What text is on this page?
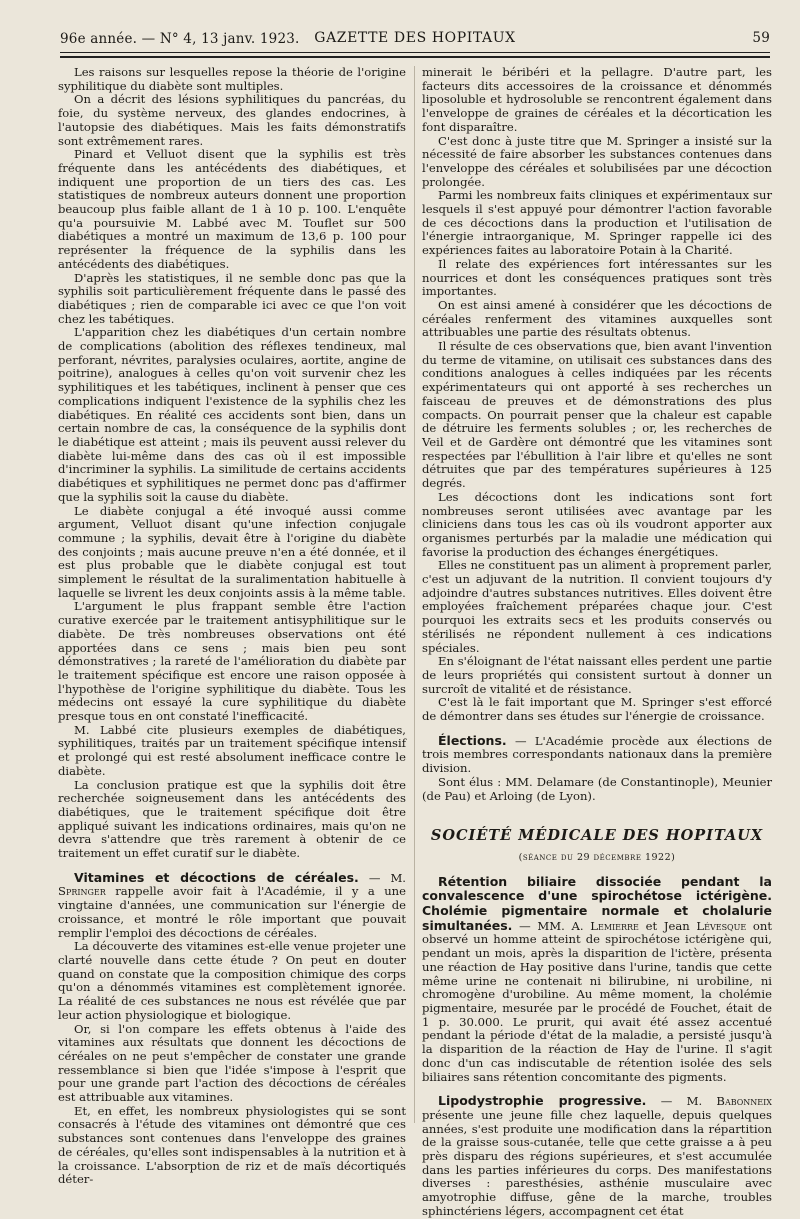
96e année. — N° 4, 13 janv. 1923.	GAZETTE DES HOPITAUX	59

Les raisons sur lesquelles repose la théorie de l'origine syphilitique du diabète sont multiples.

On a décrit des lésions syphilitiques du pancréas, du foie, du système nerveux, des glandes endocrines, à l'autopsie des diabétiques. Mais les faits démonstratifs sont extrêmement rares.

Pinard et Velluot disent que la syphilis est très fréquente dans les antécédents des diabétiques, et indiquent une proportion de un tiers des cas. Les statistiques de nombreux auteurs donnent une proportion beaucoup plus faible allant de 1 à 10 p. 100. L'enquête qu'a poursuivie M. Labbé avec M. Touflet sur 500 diabétiques a montré un maximum de 13,6 p. 100 pour représenter la fréquence de la syphilis dans les antécédents des diabétiques.

D'après les statistiques, il ne semble donc pas que la syphilis soit particulièrement fréquente dans le passé des diabétiques ; rien de comparable ici avec ce que l'on voit chez les tabétiques.

L'apparition chez les diabétiques d'un certain nombre de complications (abolition des réflexes tendineux, mal perforant, névrites, paralysies oculaires, aortite, angine de poitrine), analogues à celles qu'on voit survenir chez les syphilitiques et les tabétiques, inclinent à penser que ces complications indiquent l'existence de la syphilis chez les diabétiques. En réalité ces accidents sont bien, dans un certain nombre de cas, la conséquence de la syphilis dont le diabétique est atteint ; mais ils peuvent aussi relever du diabète lui-même dans des cas où il est impossible d'incriminer la syphilis. La similitude de certains accidents diabétiques et syphilitiques ne permet donc pas d'affirmer que la syphilis soit la cause du diabète.

Le diabète conjugal a été invoqué aussi comme argument, Velluot disant qu'une infection conjugale commune ; la syphilis, devait être à l'origine du diabète des conjoints ; mais aucune preuve n'en a été donnée, et il est plus probable que le diabète conjugal est tout simplement le résultat de la suralimentation habituelle à laquelle se livrent les deux conjoints assis à la même table.

L'argument le plus frappant semble être l'action curative exercée par le traitement antisyphilitique sur le diabète. De très nombreuses observations ont été apportées dans ce sens ; mais bien peu sont démonstratives ; la rareté de l'amélioration du diabète par le traitement spécifique est encore une raison opposée à l'hypothèse de l'origine syphilitique du diabète. Tous les médecins ont essayé la cure syphilitique du diabète presque tous en ont constaté l'inefficacité.

M. Labbé cite plusieurs exemples de diabétiques, syphilitiques, traités par un traitement spécifique intensif et prolongé qui est resté absolument inefficace contre le diabète.

La conclusion pratique est que la syphilis doit être recherchée soigneusement dans les antécédents des diabétiques, que le traitement spécifique doit être appliqué suivant les indications ordinaires, mais qu'on ne devra s'attendre que très rarement à obtenir de ce traitement un effet curatif sur le diabète.

Vitamines et décoctions de céréales. — M. Springer rappelle avoir fait à l'Académie, il y a une vingtaine d'années, une communication sur l'énergie de croissance, et montré le rôle important que pouvait remplir l'emploi des décoctions de céréales.

La découverte des vitamines est-elle venue projeter une clarté nouvelle dans cette étude ? On peut en douter quand on constate que la composition chimique des corps qu'on a dénommés vitamines est complètement ignorée. La réalité de ces substances ne nous est révélée que par leur action physiologique et biologique.

Or, si l'on compare les effets obtenus à l'aide des vitamines aux résultats que donnent les décoctions de céréales on ne peut s'empêcher de constater une grande ressemblance si bien que l'idée s'impose à l'esprit que pour une grande part l'action des décoctions de céréales est attribuable aux vitamines.

Et, en effet, les nombreux physiologistes qui se sont consacrés à l'étude des vitamines ont démontré que ces substances sont contenues dans l'enveloppe des graines de céréales, qu'elles sont indispensables à la nutrition et à la croissance. L'absorption de riz et de maïs décortiqués déter-

minerait le béribéri et la pellagre. D'autre part, les facteurs dits accessoires de la croissance et dénommés liposoluble et hydrosoluble se rencontrent également dans l'enveloppe de graines de céréales et la décortication les font disparaître.

C'est donc à juste titre que M. Springer a insisté sur la nécessité de faire absorber les substances contenues dans l'enveloppe des céréales et solubilisées par une décoction prolongée.

Parmi les nombreux faits cliniques et expérimentaux sur lesquels il s'est appuyé pour démontrer l'action favorable de ces décoctions dans la production et l'utilisation de l'énergie intraorganique, M. Springer rappelle ici des expériences faites au laboratoire Potain à la Charité.

Il relate des expériences fort intéressantes sur les nourrices et dont les conséquences pratiques sont très importantes.

On est ainsi amené à considérer que les décoctions de céréales renferment des vitamines auxquelles sont attribuables une partie des résultats obtenus.

Il résulte de ces observations que, bien avant l'invention du terme de vitamine, on utilisait ces substances dans des conditions analogues à celles indiquées par les récents expérimentateurs qui ont apporté à ses recherches un faisceau de preuves et de démonstrations des plus compacts. On pourrait penser que la chaleur est capable de détruire les ferments solubles ; or, les recherches de Veil et de Gardère ont démontré que les vitamines sont respectées par l'ébullition à l'air libre et qu'elles ne sont détruites que par des températures supérieures à 125 degrés.

Les décoctions dont les indications sont fort nombreuses seront utilisées avec avantage par les cliniciens dans tous les cas où ils voudront apporter aux organismes perturbés par la maladie une médication qui favorise la production des échanges énergétiques.

Elles ne constituent pas un aliment à proprement parler, c'est un adjuvant de la nutrition. Il convient toujours d'y adjoindre d'autres substances nutritives. Elles doivent être employées fraîchement préparées chaque jour. C'est pourquoi les extraits secs et les produits conservés ou stérilisés ne répondent nullement à ces indications spéciales.

En s'éloignant de l'état naissant elles perdent une partie de leurs propriétés qui consistent surtout à donner un surcroît de vitalité et de résistance.

C'est là le fait important que M. Springer s'est efforcé de démontrer dans ses études sur l'énergie de croissance.

Élections. — L'Académie procède aux élections de trois membres correspondants nationaux dans la première division.

Sont élus : MM. Delamare (de Constantinople), Meunier (de Pau) et Arloing (de Lyon).

SOCIÉTÉ MÉDICALE DES HOPITAUX
(séance du 29 décembre 1922)

Rétention biliaire dissociée pendant la convalescence d'une spirochétose ictérigène. Cholémie pigmentaire normale et cholalurie simultanées. — MM. A. Lemierre et Jean Lévesque ont observé un homme atteint de spirochétose ictérigène qui, pendant un mois, après la disparition de l'ictère, présenta une réaction de Hay positive dans l'urine, tandis que cette même urine ne contenait ni bilirubine, ni urobiline, ni chromogène d'urobiline. Au même moment, la cholémie pigmentaire, mesurée par le procédé de Fouchet, était de 1 p. 30.000. Le prurit, qui avait été assez accentué pendant la période d'état de la maladie, a persisté jusqu'à la disparition de la réaction de Hay de l'urine. Il s'agit donc d'un cas indiscutable de rétention isolée des sels biliaires sans rétention concomitante des pigments.

Lipodystrophie progressive. — M. Babonneix présente une jeune fille chez laquelle, depuis quelques années, s'est produite une modification dans la répartition de la graisse sous-cutanée, telle que cette graisse a à peu près disparu des régions supérieures, et s'est accumulée dans les parties inférieures du corps. Des manifestations diverses : paresthésies, asthénie musculaire avec amyotrophie diffuse, gêne de la marche, troubles sphinctériens légers, accompagnent cet état
